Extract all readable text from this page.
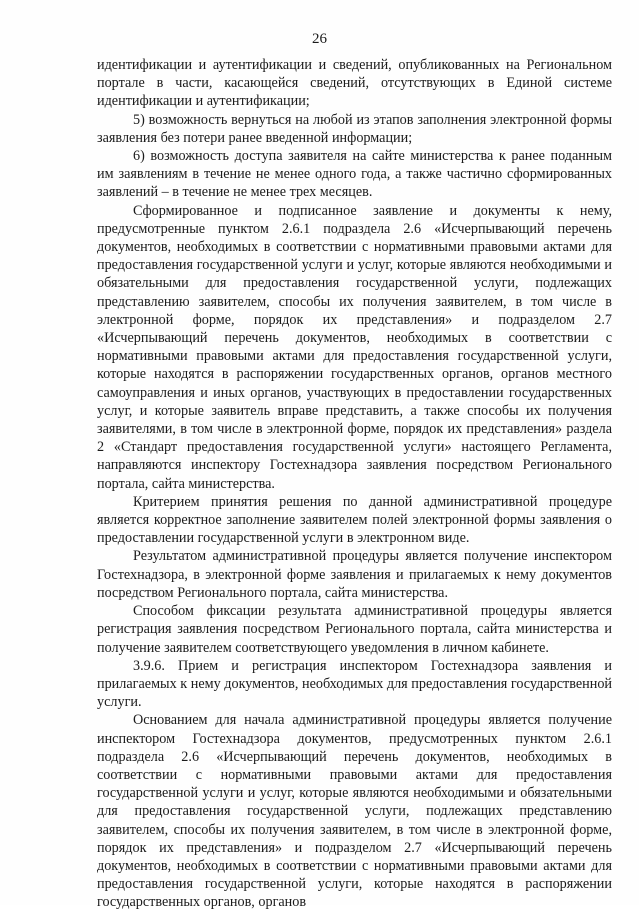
26

идентификации и аутентификации и сведений, опубликованных на Региональном портале в части, касающейся сведений, отсутствующих в Единой системе идентификации и аутентификации;

5) возможность вернуться на любой из этапов заполнения электронной формы заявления без потери ранее введенной информации;

6) возможность доступа заявителя на сайте министерства к ранее поданным им заявлениям в течение не менее одного года, а также частично сформированных заявлений – в течение не менее трех месяцев.

Сформированное и подписанное заявление и документы к нему, предусмотренные пунктом 2.6.1 подраздела 2.6 «Исчерпывающий перечень документов, необходимых в соответствии с нормативными правовыми актами для предоставления государственной услуги и услуг, которые являются необходимыми и обязательными для предоставления государственной услуги, подлежащих представлению заявителем, способы их получения заявителем, в том числе в электронной форме, порядок их представления» и подразделом 2.7 «Исчерпывающий перечень документов, необходимых в соответствии с нормативными правовыми актами для предоставления государственной услуги, которые находятся в распоряжении государственных органов, органов местного самоуправления и иных органов, участвующих в предоставлении государственных услуг, и которые заявитель вправе представить, а также способы их получения заявителями, в том числе в электронной форме, порядок их представления» раздела 2 «Стандарт предоставления государственной услуги» настоящего Регламента, направляются инспектору Гостехнадзора заявления посредством Регионального портала, сайта министерства.

Критерием принятия решения по данной административной процедуре является корректное заполнение заявителем полей электронной формы заявления о предоставлении государственной услуги в электронном виде.

Результатом административной процедуры является получение инспектором Гостехнадзора, в электронной форме заявления и прилагаемых к нему документов посредством Регионального портала, сайта министерства.

Способом фиксации результата административной процедуры является регистрация заявления посредством Регионального портала, сайта министерства и получение заявителем соответствующего уведомления в личном кабинете.

3.9.6. Прием и регистрация инспектором Гостехнадзора заявления и прилагаемых к нему документов, необходимых для предоставления государственной услуги.

Основанием для начала административной процедуры является получение инспектором Гостехнадзора документов, предусмотренных пунктом 2.6.1 подраздела 2.6 «Исчерпывающий перечень документов, необходимых в соответствии с нормативными правовыми актами для предоставления государственной услуги и услуг, которые являются необходимыми и обязательными для предоставления государственной услуги, подлежащих представлению заявителем, способы их получения заявителем, в том числе в электронной форме, порядок их представления» и подразделом 2.7 «Исчерпывающий перечень документов, необходимых в соответствии с нормативными правовыми актами для предоставления государственной услуги, которые находятся в распоряжении государственных органов, органов
